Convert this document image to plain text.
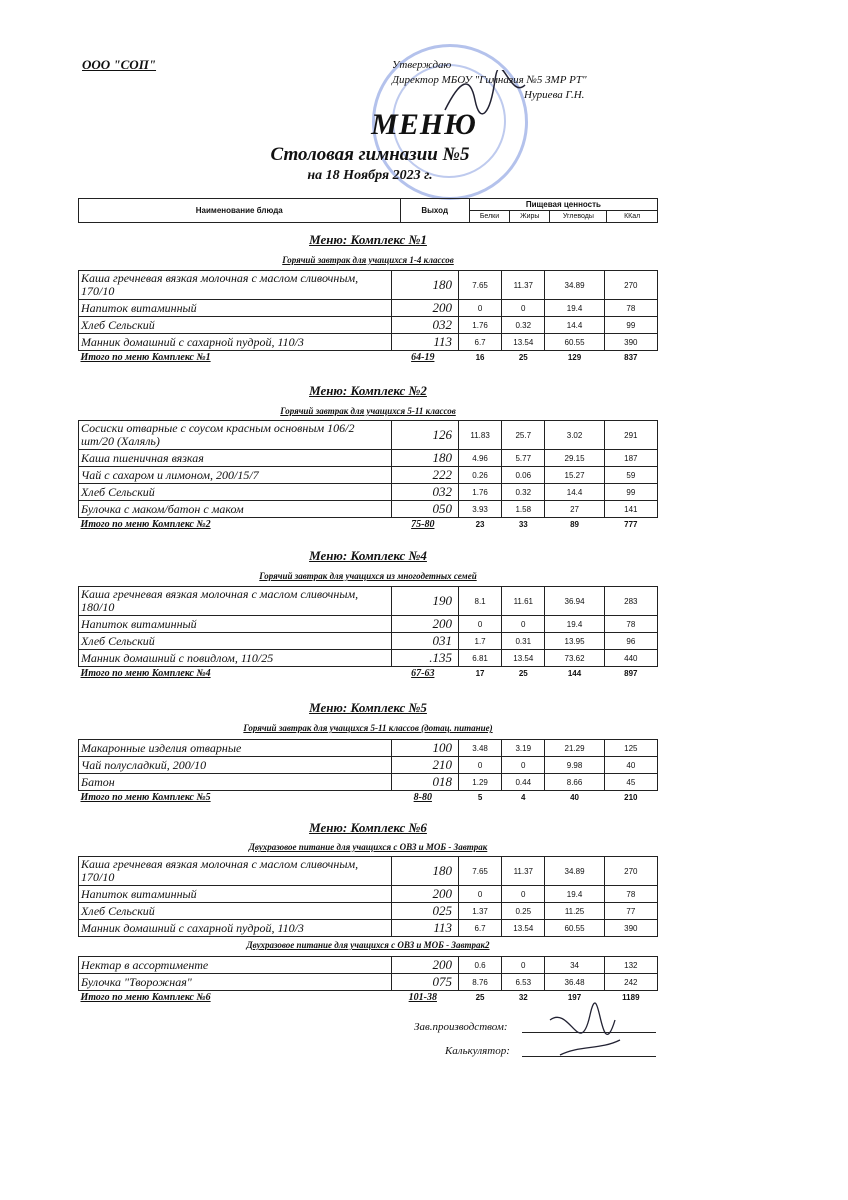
ООО "СОП"	Утверждаю
Директор МБОУ "Гимназия №5 ЗМР РТ"
Нуриева Г.Н.
МЕНЮ
Столовая гимназии №5
на 18 Ноября 2023 г.
Наименование блюда	Выход	Пищевая ценность			
		Белки	Жиры	Углеводы	ККал
Меню: Комплекс №1
Горячий завтрак для учащихся 1-4 классов
Каша гречневая вязкая молочная с маслом сливочным, 170/10	180	7.65	11.37	34.89	270
Напиток витаминный	200	0	0	19.4	78
Хлеб Сельский	032	1.76	0.32	14.4	99
Манник домашний с сахарной пудрой, 110/3	113	6.7	13.54	60.55	390
Итого по меню Комплекс №1	64-19	16	25	129	837
Меню: Комплекс №2
Горячий завтрак для учащихся 5-11 классов
Сосиски отварные с соусом красным основным 106/2 шт/20 (Халяль)	126	11.83	25.7	3.02	291
Каша пшеничная вязкая	180	4.96	5.77	29.15	187
Чай с сахаром и лимоном, 200/15/7	222	0.26	0.06	15.27	59
Хлеб Сельский	032	1.76	0.32	14.4	99
Булочка с маком/батон с маком	050	3.93	1.58	27	141
Итого по меню Комплекс №2	75-80	23	33	89	777
Меню: Комплекс №4
Горячий завтрак для учащихся из многодетных семей
Каша гречневая вязкая молочная с маслом сливочным, 180/10	190	8.1	11.61	36.94	283
Напиток витаминный	200	0	0	19.4	78
Хлеб Сельский	031	1.7	0.31	13.95	96
Манник домашний с повидлом, 110/25	.135	6.81	13.54	73.62	440
Итого по меню Комплекс №4	67-63	17	25	144	897
Меню: Комплекс №5
Горячий завтрак для учащихся 5-11 классов (дотац. питание)
Макаронные изделия отварные	100	3.48	3.19	21.29	125
Чай полусладкий, 200/10	210	0	0	9.98	40
Батон	018	1.29	0.44	8.66	45
Итого по меню Комплекс №5	8-80	5	4	40	210
Меню: Комплекс №6
Двухразовое питание для учащихся с ОВЗ и МОБ - Завтрак
Каша гречневая вязкая молочная с маслом сливочным, 170/10	180	7.65	11.37	34.89	270
Напиток витаминный	200	0	0	19.4	78
Хлеб Сельский	025	1.37	0.25	11.25	77
Манник домашний с сахарной пудрой, 110/3	113	6.7	13.54	60.55	390
Двухразовое питание для учащихся с ОВЗ и МОБ - Завтрак2
Нектар в ассортименте	200	0.6	0	34	132
Булочка "Творожная"	075	8.76	6.53	36.48	242
Итого по меню Комплекс №6	101-38	25	32	197	1189
Зав.производством:
Калькулятор:
